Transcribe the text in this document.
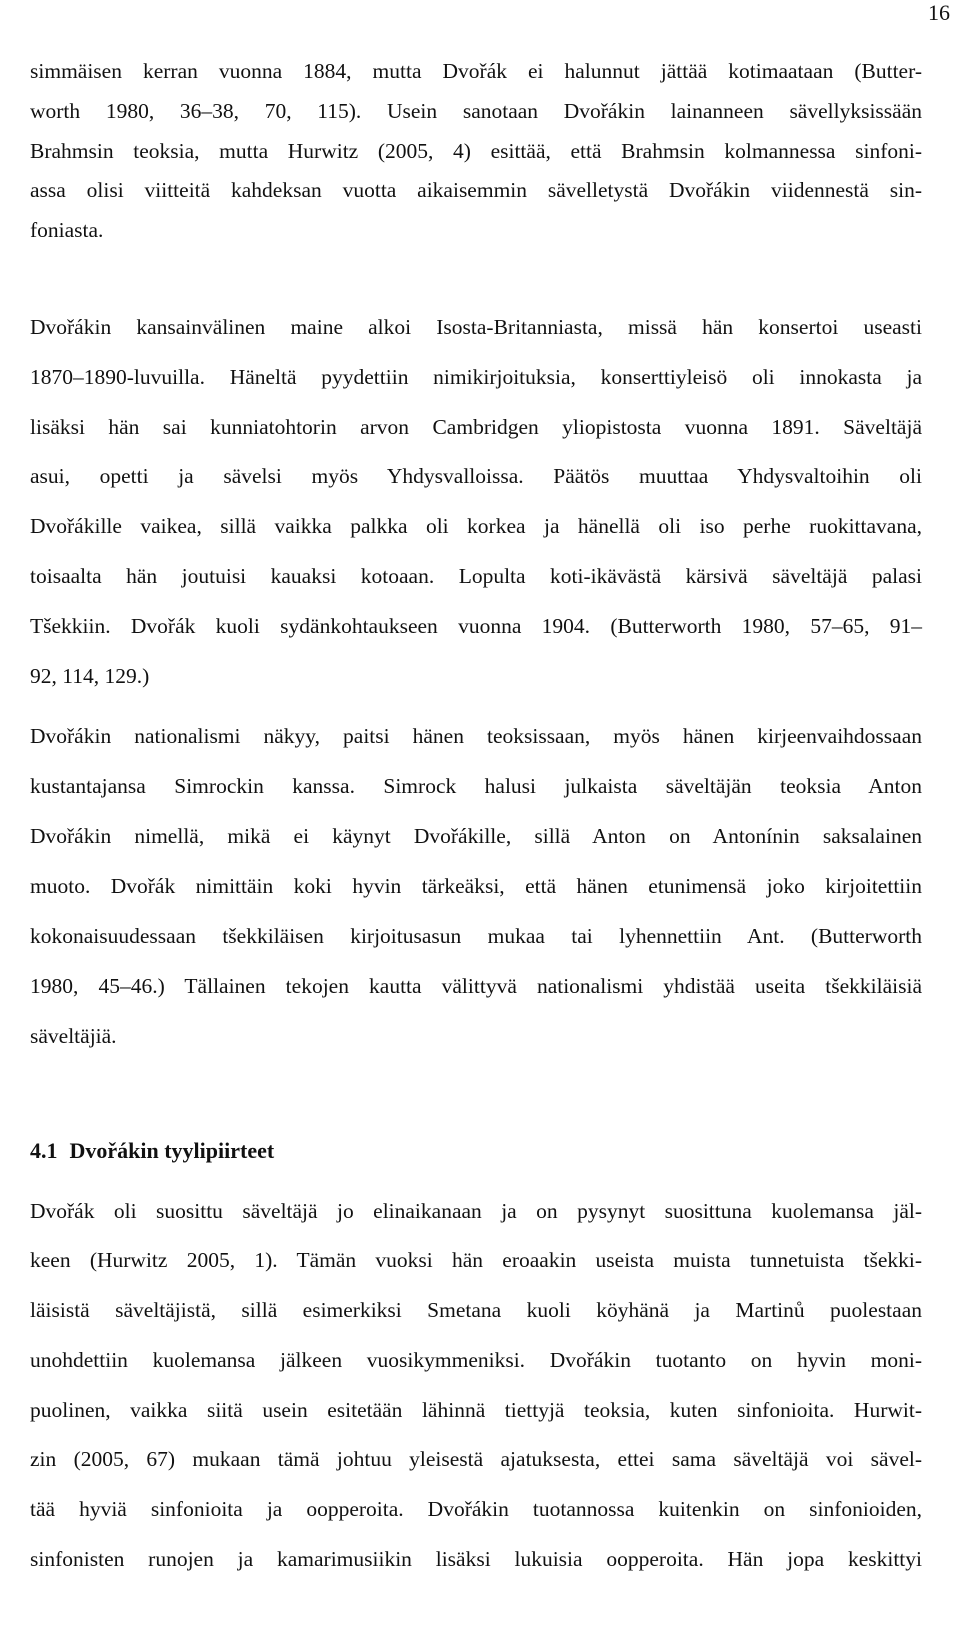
16
simmäisen kerran vuonna 1884, mutta Dvořák ei halunnut jättää kotimaataan (Butter-
worth 1980, 36–38, 70, 115). Usein sanotaan Dvořákin lainanneen sävellyksissään
Brahmsin teoksia, mutta Hurwitz (2005, 4) esittää, että Brahmsin kolmannessa sinfoni-
assa olisi viitteitä kahdeksan vuotta aikaisemmin sävelletystä Dvořákin viidennestä sin-
foniasta.
Dvořákin kansainvälinen maine alkoi Isosta-Britanniasta, missä hän konsertoi useasti
1870–1890-luvuilla. Häneltä pyydettiin nimikirjoituksia, konserttiyleisö oli innokasta ja
lisäksi hän sai kunniatohtorin arvon Cambridgen yliopistosta vuonna 1891. Säveltäjä
asui, opetti ja sävelsi myös Yhdysvalloissa. Päätös muuttaa Yhdysvaltoihin oli
Dvořákille vaikea, sillä vaikka palkka oli korkea ja hänellä oli iso perhe ruokittavana,
toisaalta hän joutuisi kauaksi kotoaan. Lopulta koti-ikävästä kärsivä säveltäjä palasi
Tšekkiin. Dvořák kuoli sydänkohtaukseen vuonna 1904. (Butterworth 1980, 57–65, 91–
92, 114, 129.)
Dvořákin nationalismi näkyy, paitsi hänen teoksissaan, myös hänen kirjeenvaihdossaan
kustantajansa Simrockin kanssa. Simrock halusi julkaista säveltäjän teoksia Anton
Dvořákin nimellä, mikä ei käynyt Dvořákille, sillä Anton on Antonínin saksalainen
muoto. Dvořák nimittäin koki hyvin tärkeäksi, että hänen etunimensä joko kirjoitettiin
kokonaisuudessaan tšekkiläisen kirjoitusasun mukaa tai lyhennettiin Ant. (Butterworth
1980, 45–46.) Tällainen tekojen kautta välittyvä nationalismi yhdistää useita tšekkiläisiä
säveltäjiä.
4.1 Dvořákin tyylipiirteet
Dvořák oli suosittu säveltäjä jo elinaikanaan ja on pysynyt suosittuna kuolemansa jäl-
keen (Hurwitz 2005, 1). Tämän vuoksi hän eroaakin useista muista tunnetuista tšekki-
läisistä säveltäjistä, sillä esimerkiksi Smetana kuoli köyhänä ja Martinů puolestaan
unohdettiin kuolemansa jälkeen vuosikymmeniksi. Dvořákin tuotanto on hyvin moni-
puolinen, vaikka siitä usein esitetään lähinnä tiettyjä teoksia, kuten sinfonioita. Hurwit-
zin (2005, 67) mukaan tämä johtuu yleisestä ajatuksesta, ettei sama säveltäjä voi sävel-
tää hyviä sinfonioita ja oopperoita. Dvořákin tuotannossa kuitenkin on sinfonioiden,
sinfonisten runojen ja kamarimusiikin lisäksi lukuisia oopperoita. Hän jopa keskittyi
